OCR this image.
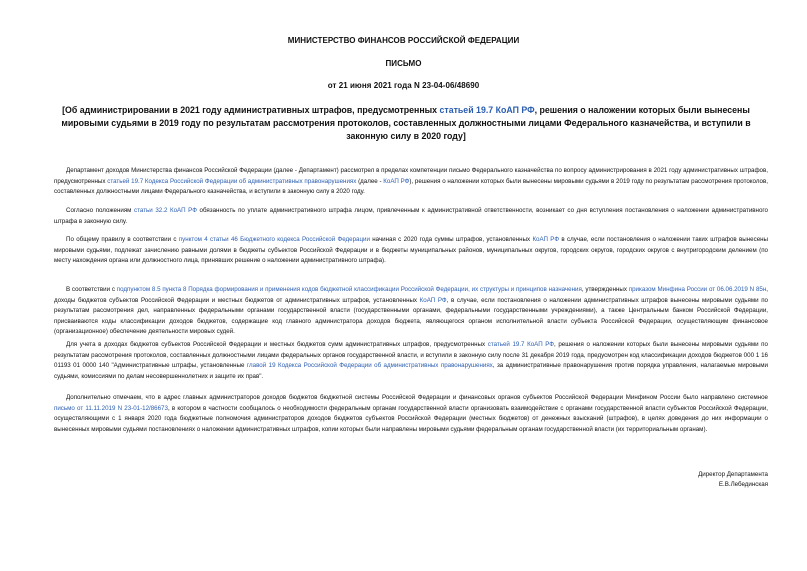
МИНИСТЕРСТВО ФИНАНСОВ РОССИЙСКОЙ ФЕДЕРАЦИИ
ПИСЬМО
от 21 июня 2021 года N 23-04-06/48690
[Об администрировании в 2021 году административных штрафов, предусмотренных статьей 19.7 КоАП РФ, решения о наложении которых были вынесены мировыми судьями в 2019 году по результатам рассмотрения протоколов, составленных должностными лицами Федерального казначейства, и вступили в законную силу в 2020 году]
Департамент доходов Министерства финансов Российской Федерации (далее - Департамент) рассмотрел в пределах компетенции письмо Федерального казначейства по вопросу администрирования в 2021 году административных штрафов, предусмотренных статьей 19.7 Кодекса Российской Федерации об административных правонарушениях (далее - КоАП РФ), решения о наложении которых были вынесены мировыми судьями в 2019 году по результатам рассмотрения протоколов, составленных должностными лицами Федерального казначейства, и вступили в законную силу в 2020 году.
Согласно положениям статьи 32.2 КоАП РФ обязанность по уплате административного штрафа лицом, привлеченным к административной ответственности, возникает со дня вступления постановления о наложении административного штрафа в законную силу.
По общему правилу в соответствии с пунктом 4 статьи 46 Бюджетного кодекса Российской Федерации начиная с 2020 года суммы штрафов, установленных КоАП РФ в случае, если постановления о наложении таких штрафов вынесены мировыми судьями, подлежат зачислению равными долями в бюджеты субъектов Российской Федерации и в бюджеты муниципальных районов, муниципальных округов, городских округов, городских округов с внутригородским делением (по месту нахождения органа или должностного лица, принявших решение о наложении административного штрафа).
В соответствии с подпунктом 8.5 пункта 8 Порядка формирования и применения кодов бюджетной классификации Российской Федерации, их структуры и принципов назначения, утвержденных приказом Минфина России от 06.06.2019 N 85н, доходы бюджетов субъектов Российской Федерации и местных бюджетов от административных штрафов, установленных КоАП РФ, в случае, если постановления о наложении административных штрафов вынесены мировыми судьями по результатам рассмотрения дел, направленных федеральными органами государственной власти (государственными органами, федеральными государственными учреждениями), а также Центральным банком Российской Федерации, присваиваются коды классификации доходов бюджетов, содержащие код главного администратора доходов бюджета, являющегося органом исполнительной власти субъекта Российской Федерации, осуществляющим финансовое (организационное) обеспечение деятельности мировых судей.
Для учета в доходах бюджетов субъектов Российской Федерации и местных бюджетов сумм административных штрафов, предусмотренных статьей 19.7 КоАП РФ, решения о наложении которых были вынесены мировыми судьями по результатам рассмотрения протоколов, составленных должностными лицами федеральных органов государственной власти, и вступили в законную силу после 31 декабря 2019 года, предусмотрен код классификации доходов бюджетов 000 1 16 01193 01 0000 140 "Административные штрафы, установленные главой 19 Кодекса Российской Федерации об административных правонарушениях, за административные правонарушения против порядка управления, налагаемые мировыми судьями, комиссиями по делам несовершеннолетних и защите их прав".
Дополнительно отмечаем, что в адрес главных администраторов доходов бюджетов бюджетной системы Российской Федерации и финансовых органов субъектов Российской Федерации Минфином России было направлено системное письмо от 11.11.2019 N 23-01-12/86673, в котором в частности сообщалось о необходимости федеральным органам государственной власти организовать взаимодействие с органами государственной власти субъектов Российской Федерации, осуществляющими с 1 января 2020 года бюджетные полномочия администраторов доходов бюджетов субъектов Российской Федерации (местных бюджетов) от денежных взысканий (штрафов), в целях доведения до них информации о вынесенных мировыми судьями постановлениях о наложении административных штрафов, копии которых были направлены мировыми судьями федеральным органам государственной власти (их территориальным органам).
Директор Департамента
Е.В.Лебединская
